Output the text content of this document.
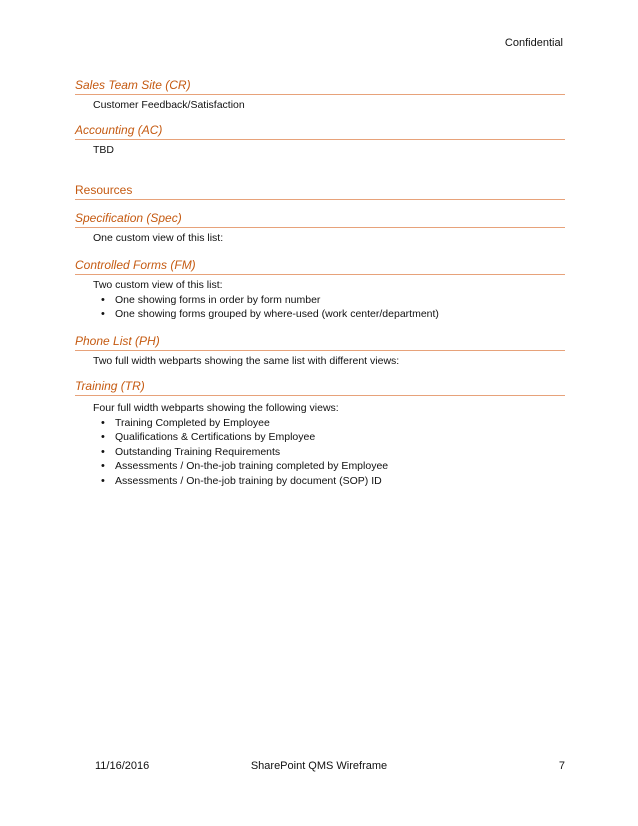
Confidential
Sales Team Site (CR)
Customer Feedback/Satisfaction
Accounting (AC)
TBD
Resources
Specification (Spec)
One custom view of this list:
Controlled Forms (FM)
Two custom view of this list:
• One showing forms in order by form number
• One showing forms grouped by where-used (work center/department)
Phone List (PH)
Two full width webparts showing the same list with different views:
Training (TR)
Four full width webparts showing the following views:
• Training Completed by Employee
• Qualifications & Certifications by Employee
• Outstanding Training Requirements
• Assessments / On-the-job training completed by Employee
• Assessments / On-the-job training by document (SOP) ID
SharePoint QMS Wireframe
11/16/2016	7
